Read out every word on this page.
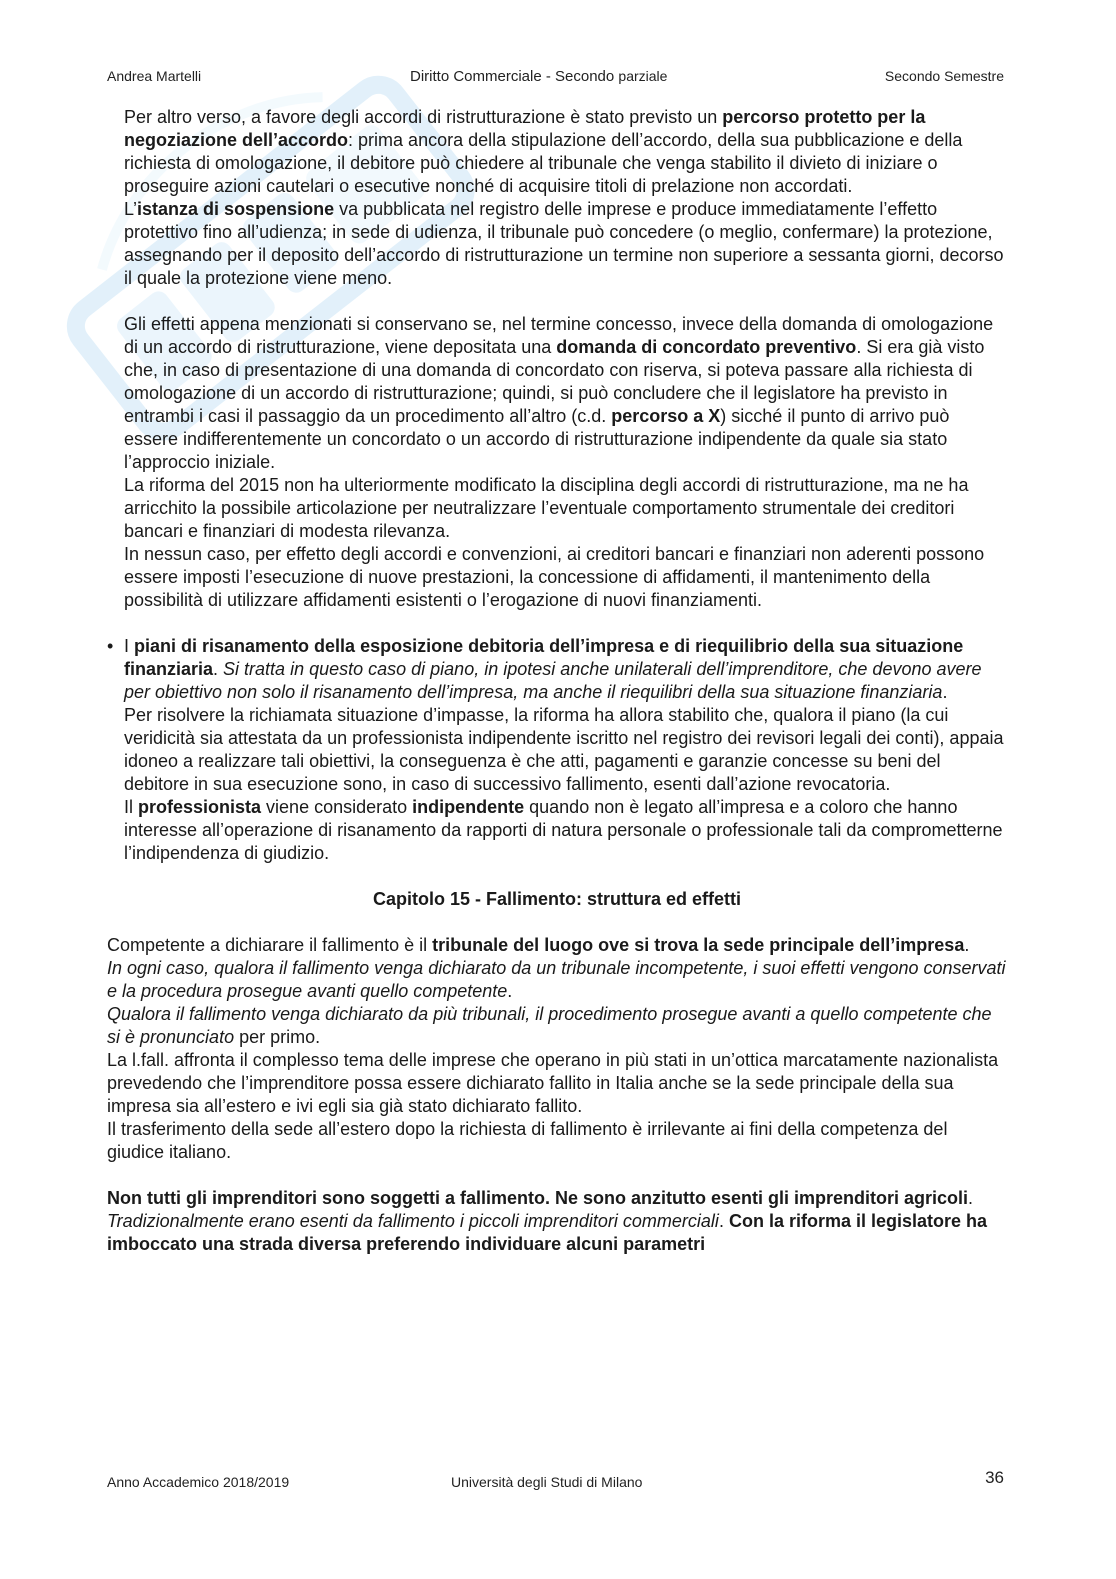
Andrea Martelli	Diritto Commerciale - Secondo parziale	Secondo Semestre

Per altro verso, a favore degli accordi di ristrutturazione è stato previsto un percorso protetto per la negoziazione dell’accordo: prima ancora della stipulazione dell’accordo, della sua pubblicazione e della richiesta di omologazione, il debitore può chiedere al tribunale che venga stabilito il divieto di iniziare o proseguire azioni cautelari o esecutive nonché di acquisire titoli di prelazione non accordati.

L’istanza di sospensione va pubblicata nel registro delle imprese e produce immediatamente l’effetto protettivo fino all’udienza; in sede di udienza, il tribunale può concedere (o meglio, confermare) la protezione, assegnando per il deposito dell’accordo di ristrutturazione un termine non superiore a sessanta giorni, decorso il quale la protezione viene meno.

Gli effetti appena menzionati si conservano se, nel termine concesso, invece della domanda di omologazione di un accordo di ristrutturazione, viene depositata una domanda di concordato preventivo. Si era già visto che, in caso di presentazione di una domanda di concordato con riserva, si poteva passare alla richiesta di omologazione di un accordo di ristrutturazione; quindi, si può concludere che il legislatore ha previsto in entrambi i casi il passaggio da un procedimento all’altro (c.d. percorso a X) sicché il punto di arrivo può essere indifferentemente un concordato o un accordo di ristrutturazione indipendente da quale sia stato l’approccio iniziale.

La riforma del 2015 non ha ulteriormente modificato la disciplina degli accordi di ristrutturazione, ma ne ha arricchito la possibile articolazione per neutralizzare l’eventuale comportamento strumentale dei creditori bancari e finanziari di modesta rilevanza.

In nessun caso, per effetto degli accordi e convenzioni, ai creditori bancari e finanziari non aderenti possono essere imposti l’esecuzione di nuove prestazioni, la concessione di affidamenti, il mantenimento della possibilità di utilizzare affidamenti esistenti o l’erogazione di nuovi finanziamenti.

• I piani di risanamento della esposizione debitoria dell’impresa e di riequilibrio della sua situazione finanziaria. Si tratta in questo caso di piano, in ipotesi anche unilaterali dell’imprenditore, che devono avere per obiettivo non solo il risanamento dell’impresa, ma anche il riequilibri della sua situazione finanziaria.

Per risolvere la richiamata situazione d’impasse, la riforma ha allora stabilito che, qualora il piano (la cui veridicità sia attestata da un professionista indipendente iscritto nel registro dei revisori legali dei conti), appaia idoneo a realizzare tali obiettivi, la conseguenza è che atti, pagamenti e garanzie concesse su beni del debitore in sua esecuzione sono, in caso di successivo fallimento, esenti dall’azione revocatoria.

Il professionista viene considerato indipendente quando non è legato all’impresa e a coloro che hanno interesse all’operazione di risanamento da rapporti di natura personale o professionale tali da comprometterne l’indipendenza di giudizio.

Capitolo 15 - Fallimento: struttura ed effetti

Competente a dichiarare il fallimento è il tribunale del luogo ove si trova la sede principale dell’impresa.

In ogni caso, qualora il fallimento venga dichiarato da un tribunale incompetente, i suoi effetti vengono conservati e la procedura prosegue avanti quello competente.

Qualora il fallimento venga dichiarato da più tribunali, il procedimento prosegue avanti a quello competente che si è pronunciato per primo.

La l.fall. affronta il complesso tema delle imprese che operano in più stati in un’ottica marcatamente nazionalista prevedendo che l’imprenditore possa essere dichiarato fallito in Italia anche se la sede principale della sua impresa sia all’estero e ivi egli sia già stato dichiarato fallito.

Il trasferimento della sede all’estero dopo la richiesta di fallimento è irrilevante ai fini della competenza del giudice italiano.

Non tutti gli imprenditori sono soggetti a fallimento. Ne sono anzitutto esenti gli imprenditori agricoli.

Tradizionalmente erano esenti da fallimento i piccoli imprenditori commerciali. Con la riforma il legislatore ha imboccato una strada diversa preferendo individuare alcuni parametri

Anno Accademico 2018/2019	Università degli Studi di Milano	36
